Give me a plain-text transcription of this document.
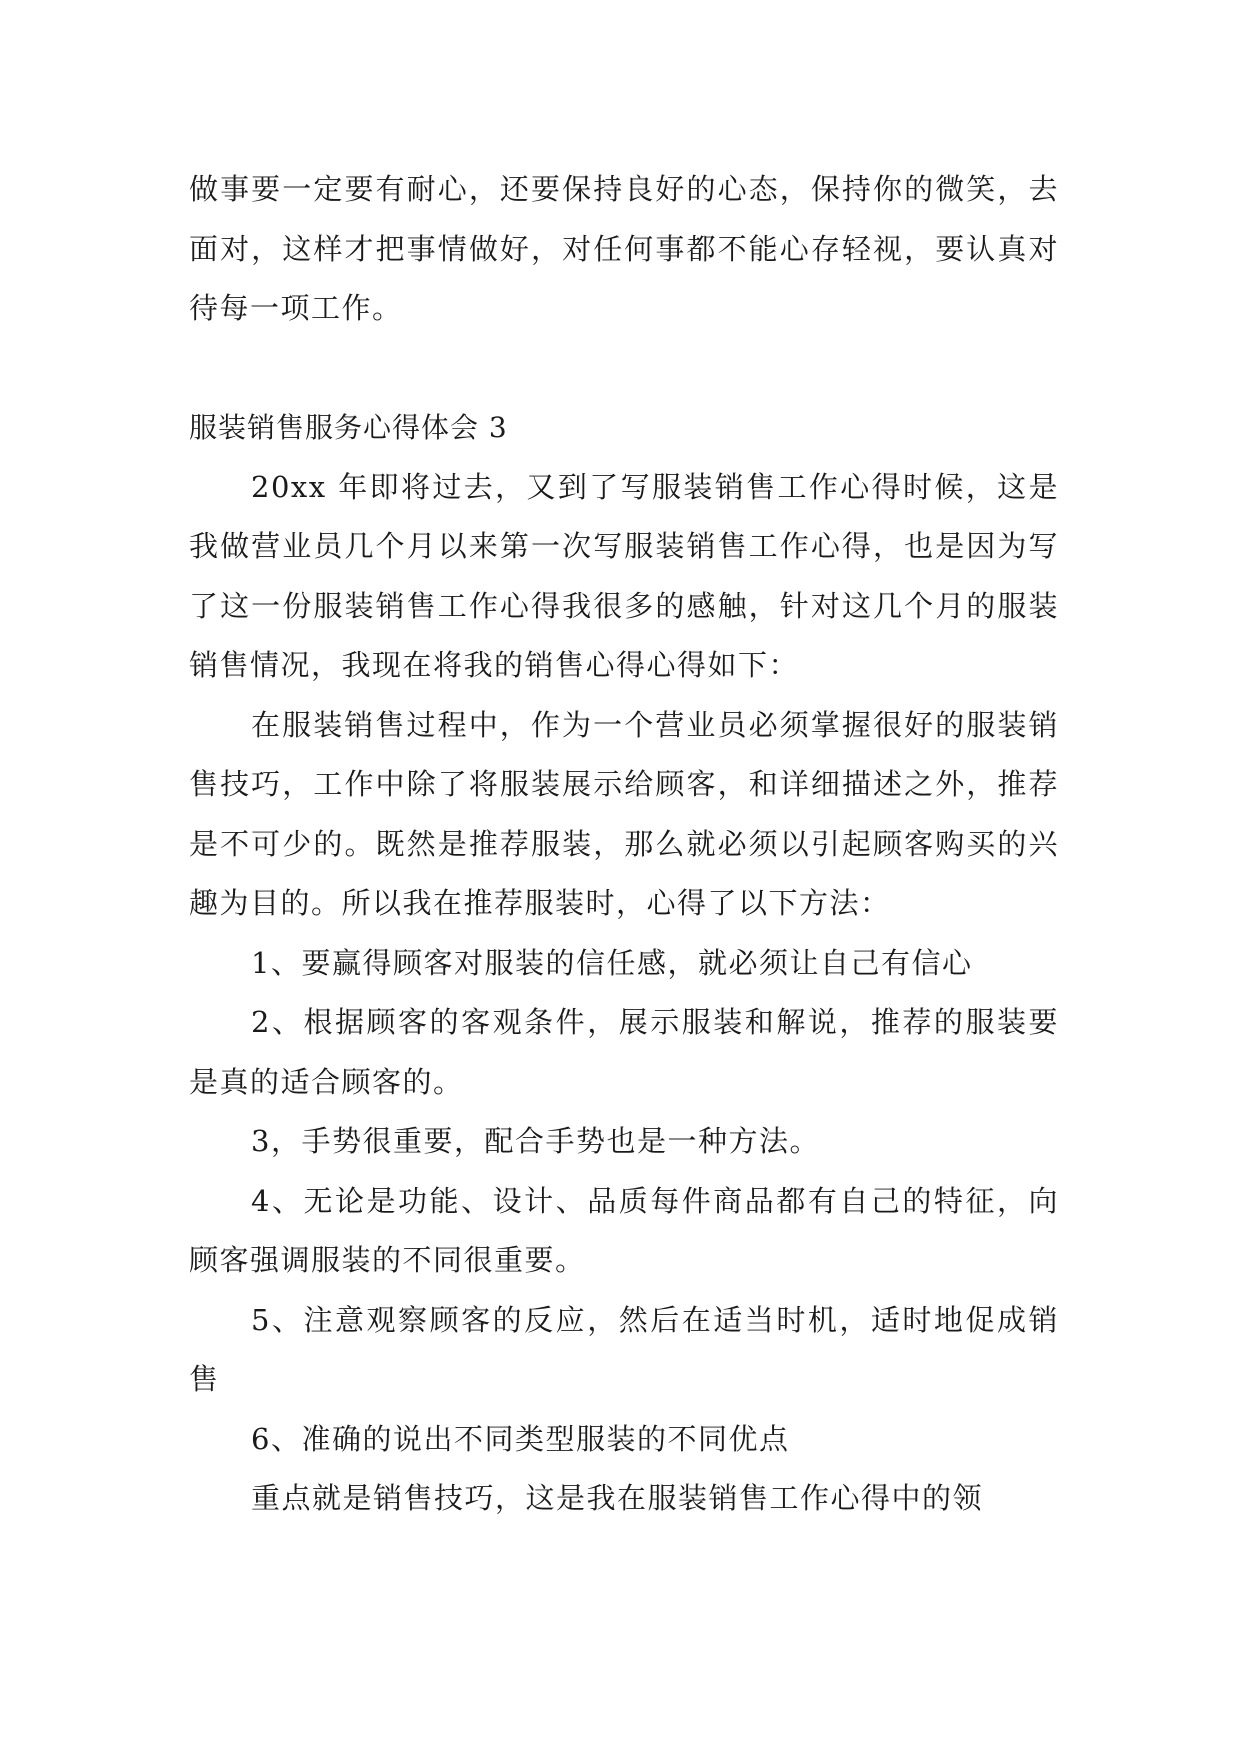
做事要一定要有耐心，还要保持良好的心态，保持你的微笑，去面对，这样才把事情做好，对任何事都不能心存轻视，要认真对待每一项工作。

服装销售服务心得体会 3

20xx 年即将过去，又到了写服装销售工作心得时候，这是我做营业员几个月以来第一次写服装销售工作心得，也是因为写了这一份服装销售工作心得我很多的感触，针对这几个月的服装销售情况，我现在将我的销售心得心得如下：

在服装销售过程中，作为一个营业员必须掌握很好的服装销售技巧，工作中除了将服装展示给顾客，和详细描述之外，推荐是不可少的。既然是推荐服装，那么就必须以引起顾客购买的兴趣为目的。所以我在推荐服装时，心得了以下方法：

1、要赢得顾客对服装的信任感，就必须让自己有信心

2、根据顾客的客观条件，展示服装和解说，推荐的服装要是真的适合顾客的。

3，手势很重要，配合手势也是一种方法。

4、无论是功能、设计、品质每件商品都有自己的特征，向顾客强调服装的不同很重要。

5、注意观察顾客的反应，然后在适当时机，适时地促成销售

6、准确的说出不同类型服装的不同优点

重点就是销售技巧，这是我在服装销售工作心得中的领
